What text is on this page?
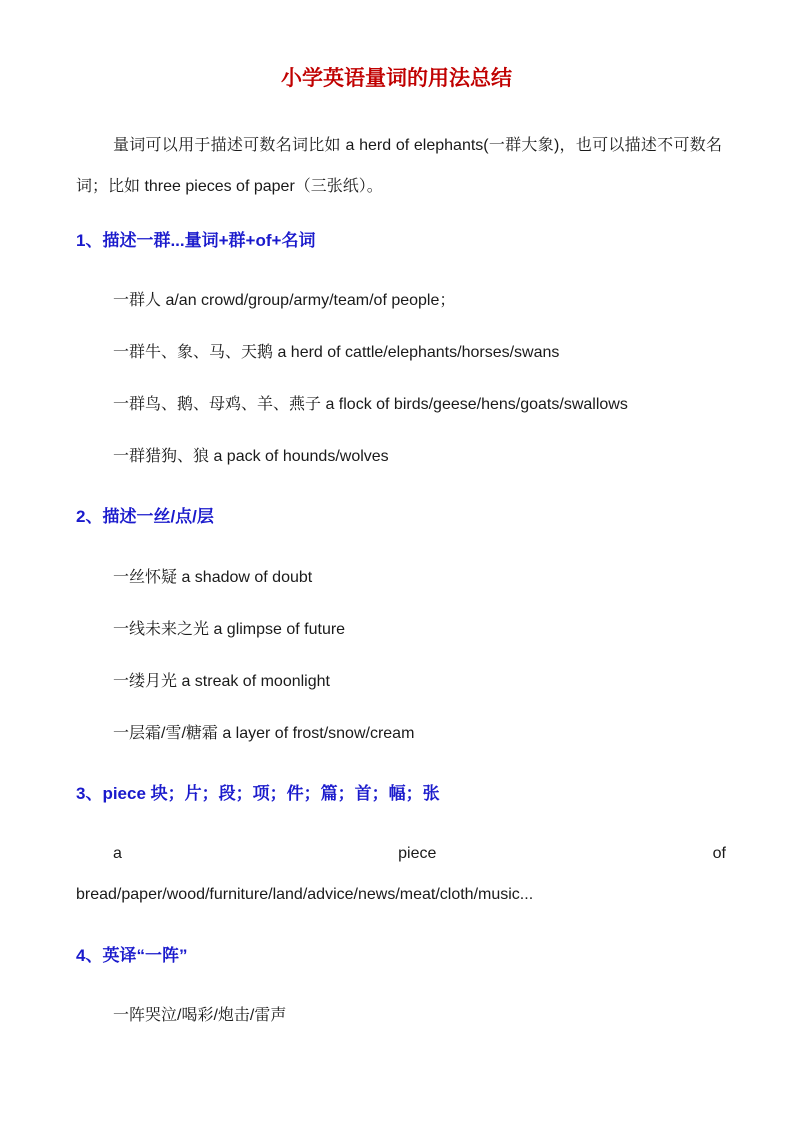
小学英语量词的用法总结
量词可以用于描述可数名词比如 a herd of elephants(一群大象)，也可以描述不可数名词；比如 three pieces of paper（三张纸）。
1、描述一群...量词+群+of+名词
一群人 a/an crowd/group/army/team/of people；
一群牛、象、马、天鹅 a herd of cattle/elephants/horses/swans
一群鸟、鹅、母鸡、羊、燕子 a flock of birds/geese/hens/goats/swallows
一群猎狗、狼 a pack of hounds/wolves
2、描述一丝/点/层
一丝怀疑 a shadow of doubt
一线未来之光 a glimpse of future
一缕月光 a streak of moonlight
一层霜/雪/糖霜 a layer of frost/snow/cream
3、piece 块；片；段；项；件；篇；首；幅；张
a	piece	of
bread/paper/wood/furniture/land/advice/news/meat/cloth/music...
4、英译“一阵”
一阵哭泣/喝彩/炮击/雷声
